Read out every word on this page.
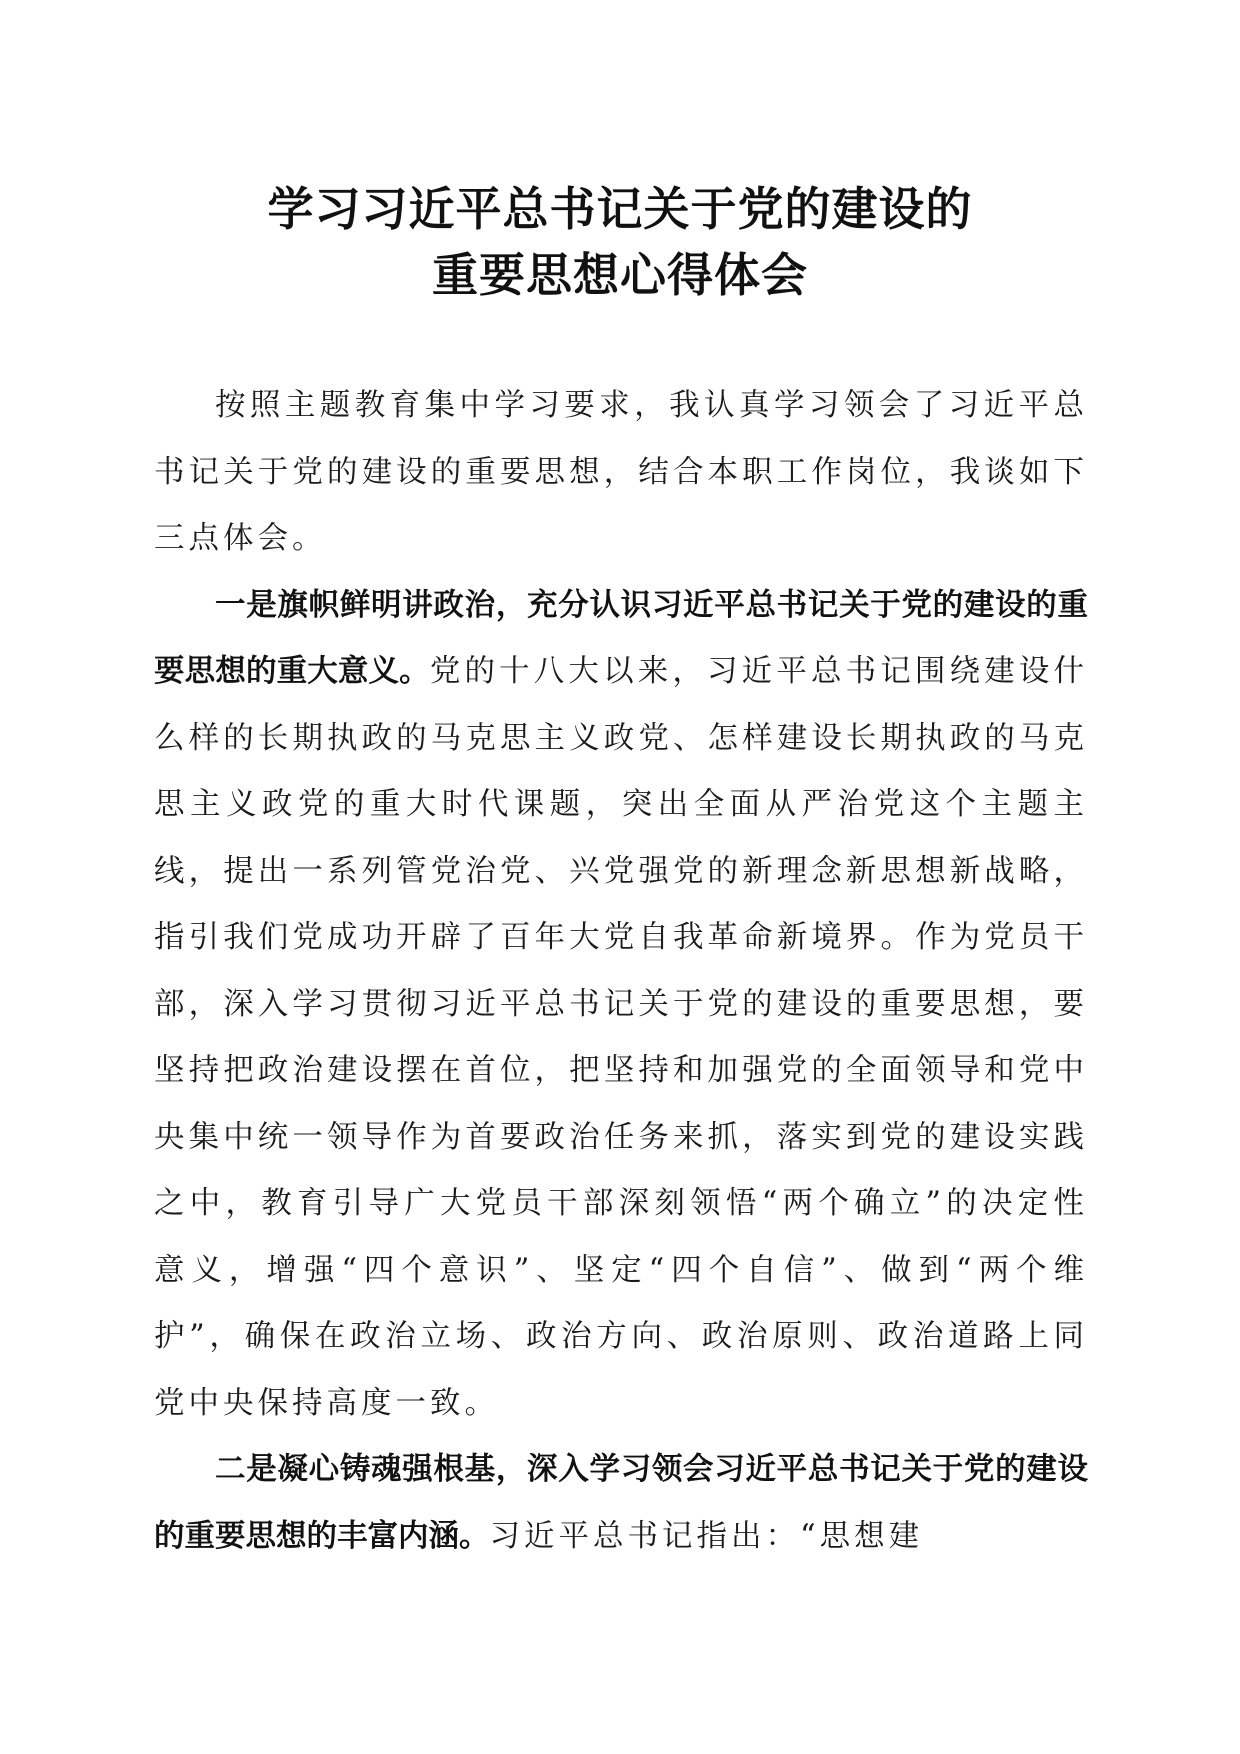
学习习近平总书记关于党的建设的
重要思想心得体会

按照主题教育集中学习要求，我认真学习领会了习近平总书记关于党的建设的重要思想，结合本职工作岗位，我谈如下三点体会。

一是旗帜鲜明讲政治，充分认识习近平总书记关于党的建设的重要思想的重大意义。党的十八大以来，习近平总书记围绕建设什么样的长期执政的马克思主义政党、怎样建设长期执政的马克思主义政党的重大时代课题，突出全面从严治党这个主题主线，提出一系列管党治党、兴党强党的新理念新思想新战略，指引我们党成功开辟了百年大党自我革命新境界。作为党员干部，深入学习贯彻习近平总书记关于党的建设的重要思想，要坚持把政治建设摆在首位，把坚持和加强党的全面领导和党中央集中统一领导作为首要政治任务来抓，落实到党的建设实践之中，教育引导广大党员干部深刻领悟“两个确立”的决定性意义，增强“四个意识”、坚定“四个自信”、做到“两个维护”，确保在政治立场、政治方向、政治原则、政治道路上同党中央保持高度一致。

二是凝心铸魂强根基，深入学习领会习近平总书记关于党的建设的重要思想的丰富内涵。习近平总书记指出：“思想建
